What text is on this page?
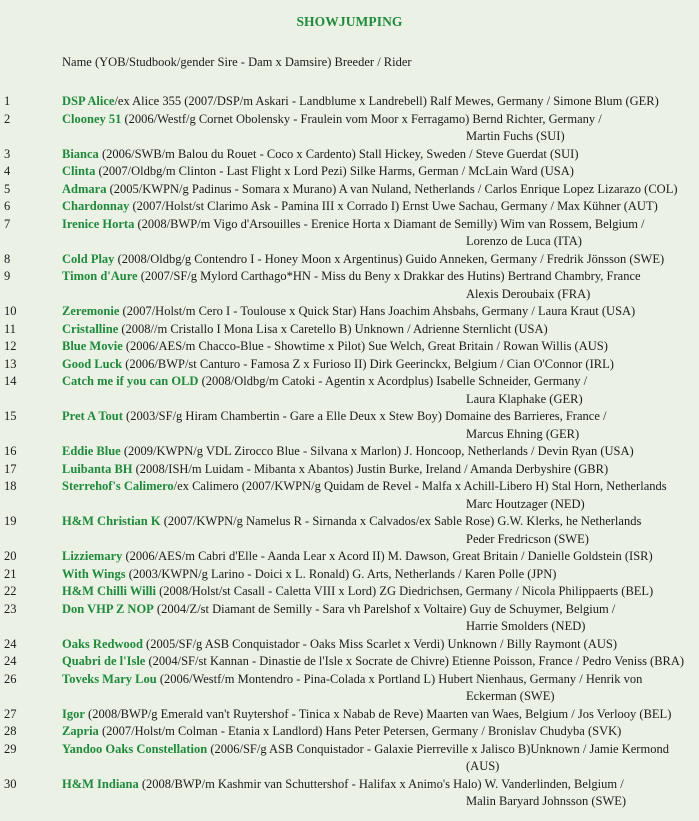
SHOWJUMPING
Name (YOB/Studbook/gender Sire - Dam x Damsire) Breeder / Rider
1	DSP Alice/ex Alice 355 (2007/DSP/m Askari - Landblume x Landrebell) Ralf Mewes, Germany / Simone Blum (GER)
2	Clooney 51 (2006/Westf/g Cornet Obolensky - Fraulein vom Moor x Ferragamo) Bernd Richter, Germany /
Martin Fuchs (SUI)
3	Bianca (2006/SWB/m Balou du Rouet - Coco x Cardento) Stall Hickey, Sweden / Steve Guerdat (SUI)
4	Clinta (2007/Oldbg/m Clinton - Last Flight x Lord Pezi) Silke Harms, German / McLain Ward (USA)
5	Admara (2005/KWPN/g Padinus - Somara x Murano) A van Nuland, Netherlands / Carlos Enrique Lopez Lizarazo (COL)
6	Chardonnay (2007/Holst/st Clarimo Ask - Pamina III x Corrado I) Ernst Uwe Sachau, Germany / Max Kühner (AUT)
7	Irenice Horta (2008/BWP/m Vigo d'Arsouilles - Erenice Horta x Diamant de Semilly) Wim van Rossem, Belgium /
Lorenzo de Luca (ITA)
8	Cold Play (2008/Oldbg/g Contendro I - Honey Moon x Argentinus) Guido Anneken, Germany / Fredrik Jönsson (SWE)
9	Timon d'Aure (2007/SF/g Mylord Carthago*HN - Miss du Beny x Drakkar des Hutins) Bertrand Chambry, France
Alexis Deroubaix (FRA)
10	Zeremonie (2007/Holst/m Cero I - Toulouse x Quick Star) Hans Joachim Ahsbahs, Germany / Laura Kraut (USA)
11	Cristalline (2008//m Cristallo I Mona Lisa x Caretello B) Unknown / Adrienne Sternlicht (USA)
12	Blue Movie (2006/AES/m Chacco-Blue - Showtime x Pilot) Sue Welch, Great Britain / Rowan Willis (AUS)
13	Good Luck (2006/BWP/st Canturo - Famosa Z x Furioso II) Dirk Geerinckx, Belgium / Cian O'Connor (IRL)
14	Catch me if you can OLD (2008/Oldbg/m Catoki - Agentin x Acordplus) Isabelle Schneider, Germany /
Laura Klaphake (GER)
15	Pret A Tout (2003/SF/g Hiram Chambertin - Gare a Elle Deux x Stew Boy) Domaine des Barrieres, France /
Marcus Ehning (GER)
16	Eddie Blue (2009/KWPN/g VDL Zirocco Blue - Silvana x Marlon) J. Honcoop, Netherlands / Devin Ryan (USA)
17	Luibanta BH (2008/ISH/m Luidam - Mibanta x Abantos) Justin Burke, Ireland / Amanda Derbyshire (GBR)
18	Sterrehof's Calimero/ex Calimero (2007/KWPN/g Quidam de Revel - Malfa x Achill-Libero H) Stal Horn, Netherlands
Marc Houtzager (NED)
19	H&M Christian K (2007/KWPN/g Namelus R - Sirnanda x Calvados/ex Sable Rose) G.W. Klerks, he Netherlands
Peder Fredricson (SWE)
20	Lizziemary (2006/AES/m Cabri d'Elle - Aanda Lear x Acord II) M. Dawson, Great Britain / Danielle Goldstein (ISR)
21	With Wings (2003/KWPN/g Larino - Doici x L. Ronald) G. Arts, Netherlands / Karen Polle (JPN)
22	H&M Chilli Willi (2008/Holst/st Casall - Caletta VIII x Lord) ZG Diedrichsen, Germany / Nicola Philippaerts (BEL)
23	Don VHP Z NOP (2004/Z/st Diamant de Semilly - Sara vh Parelshof x Voltaire) Guy de Schuymer, Belgium /
Harrie Smolders (NED)
24	Oaks Redwood (2005/SF/g ASB Conquistador - Oaks Miss Scarlet x Verdi) Unknown / Billy Raymont (AUS)
24	Quabri de l'Isle (2004/SF/st Kannan - Dinastie de l'Isle x Socrate de Chivre) Etienne Poisson, France / Pedro Veniss (BRA)
26	Toveks Mary Lou (2006/Westf/m Montendro - Pina-Colada x Portland L) Hubert Nienhaus, Germany / Henrik von
Eckerman (SWE)
27	Igor (2008/BWP/g Emerald van't Ruytershof - Tinica x Nabab de Reve) Maarten van Waes, Belgium / Jos Verlooy (BEL)
28	Zapria (2007/Holst/m Colman - Etania x Landlord) Hans Peter Petersen, Germany / Bronislav Chudyba (SVK)
29	Yandoo Oaks Constellation (2006/SF/g ASB Conquistador - Galaxie Pierreville x Jalisco B)Unknown / Jamie Kermond
(AUS)
30	H&M Indiana (2008/BWP/m Kashmir van Schuttershof - Halifax x Animo's Halo) W. Vanderlinden, Belgium /
Malin Baryard Johnsson (SWE)
